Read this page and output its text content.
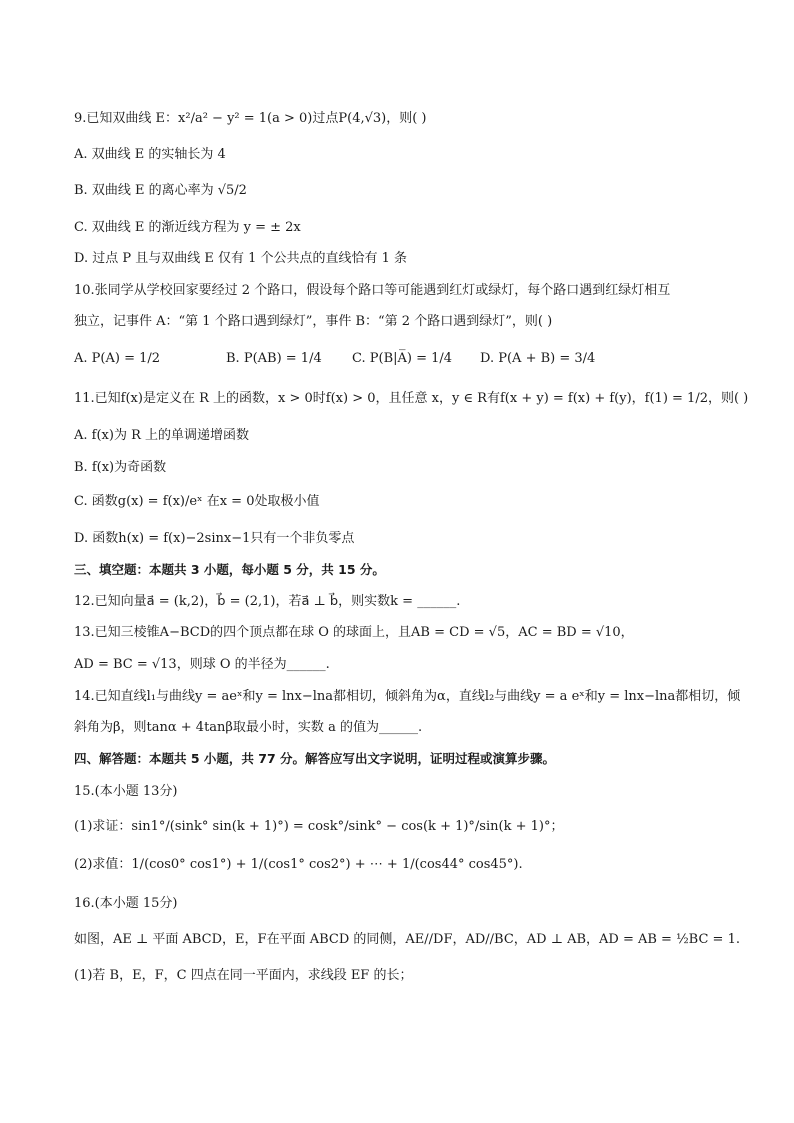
9.已知双曲线 E：x²/a² − y² = 1(a > 0)过点P(4,√3)，则( )
A. 双曲线 E 的实轴长为 4
B. 双曲线 E 的离心率为 √5/2
C. 双曲线 E 的渐近线方程为 y = ± 2x
D. 过点 P 且与双曲线 E 仅有 1 个公共点的直线恰有 1 条
10.张同学从学校回家要经过 2 个路口，假设每个路口等可能遇到红灯或绿灯，每个路口遇到红绿灯相互
独立，记事件 A：“第 1 个路口遇到绿灯”，事件 B：“第 2 个路口遇到绿灯”，则( )
11.已知f(x)是定义在 R 上的函数，x > 0时f(x) > 0，且任意 x，y ∈ R有f(x + y) = f(x) + f(y)，f(1) = 1/2，则( )
A. f(x)为 R 上的单调递增函数
B. f(x)为奇函数
C. 函数g(x) = f(x)/eˣ 在x = 0处取极小值
D. 函数h(x) = f(x)−2sinx−1只有一个非负零点
三、填空题：本题共 3 小题，每小题 5 分，共 15 分。
12.已知向量a⃗ = (k,2)，b⃗ = (2,1)，若a⃗ ⊥ b⃗，则实数k = ______.
13.已知三棱锥A−BCD的四个顶点都在球 O 的球面上，且AB = CD = √5，AC = BD = √10，
AD = BC = √13，则球 O 的半径为______.
14.已知直线l₁与曲线y = aeˣ和y = lnx−lna都相切，倾斜角为α，直线l₂与曲线y = a eˣ和y = lnx−lna都相切，倾
斜角为β，则tanα + 4tanβ取最小时，实数 a 的值为______.
四、解答题：本题共 5 小题，共 77 分。解答应写出文字说明，证明过程或演算步骤。
15.(本小题 13分)
(1)求证：sin1°/(sink° sin(k + 1)°) = cosk°/sink° − cos(k + 1)°/sin(k + 1)°；
(2)求值：1/(cos0° cos1°) + 1/(cos1° cos2°) + ⋯ + 1/(cos44° cos45°).
16.(本小题 15分)
如图，AE ⊥ 平面 ABCD，E，F在平面 ABCD 的同侧，AE//DF，AD//BC，AD ⊥ AB，AD = AB = ½BC = 1.
(1)若 B，E，F，C 四点在同一平面内，求线段 EF 的长；
A. P(A) = 1/2	B. P(AB) = 1/4 C. P(B|A̅) = 1/4 D. P(A + B) = 3/4
